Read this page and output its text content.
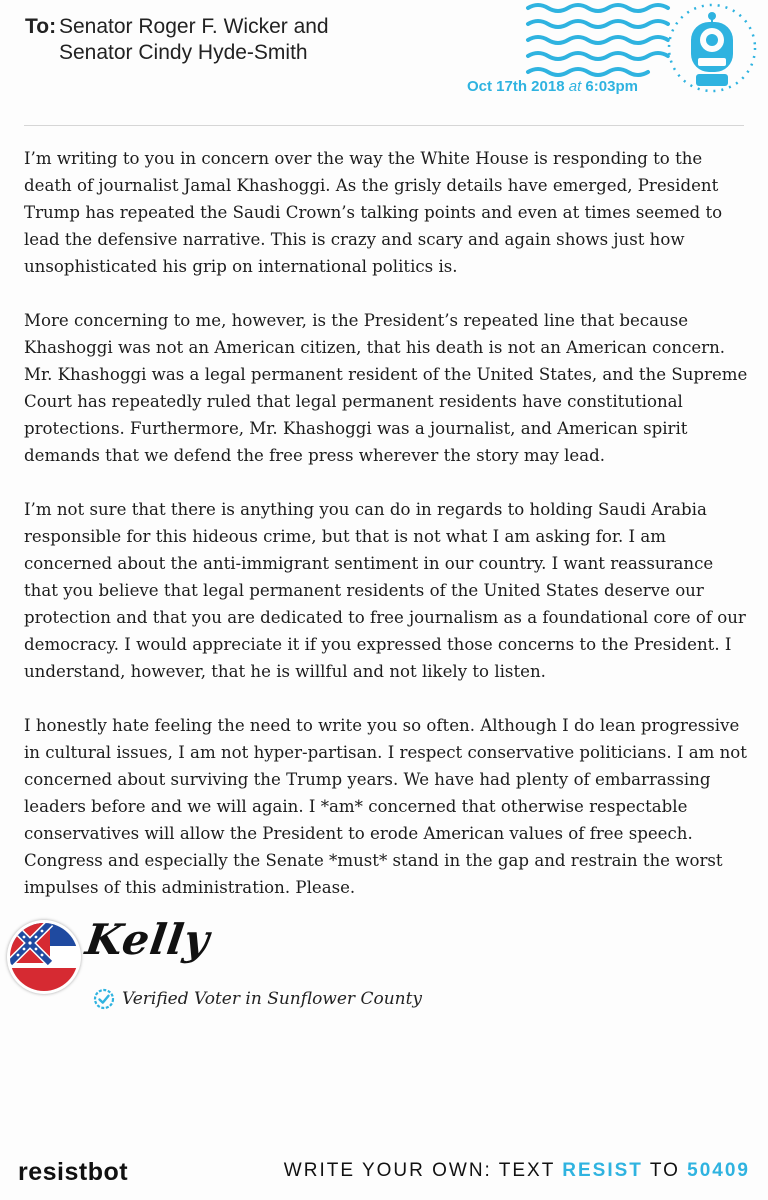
To: Senator Roger F. Wicker and
Senator Cindy Hyde-Smith
Oct 17th 2018 at 6:03pm

I’m writing to you in concern over the way the White House is responding to the death of journalist Jamal Khashoggi. As the grisly details have emerged, President Trump has repeated the Saudi Crown’s talking points and even at times seemed to lead the defensive narrative. This is crazy and scary and again shows just how unsophisticated his grip on international politics is.

More concerning to me, however, is the President’s repeated line that because Khashoggi was not an American citizen, that his death is not an American concern. Mr. Khashoggi was a legal permanent resident of the United States, and the Supreme Court has repeatedly ruled that legal permanent residents have constitutional protections. Furthermore, Mr. Khashoggi was a journalist, and American spirit demands that we defend the free press wherever the story may lead.

I’m not sure that there is anything you can do in regards to holding Saudi Arabia responsible for this hideous crime, but that is not what I am asking for. I am concerned about the anti-immigrant sentiment in our country. I want reassurance that you believe that legal permanent residents of the United States deserve our protection and that you are dedicated to free journalism as a foundational core of our democracy. I would appreciate it if you expressed those concerns to the President. I understand, however, that he is willful and not likely to listen.

I honestly hate feeling the need to write you so often. Although I do lean progressive in cultural issues, I am not hyper-partisan. I respect conservative politicians. I am not concerned about surviving the Trump years. We have had plenty of embarrassing leaders before and we will again. I *am* concerned that otherwise respectable conservatives will allow the President to erode American values of free speech. Congress and especially the Senate *must* stand in the gap and restrain the worst impulses of this administration. Please.

Kelly
Verified Voter in Sunflower County
resistbot	WRITE YOUR OWN: TEXT RESIST TO 50409
